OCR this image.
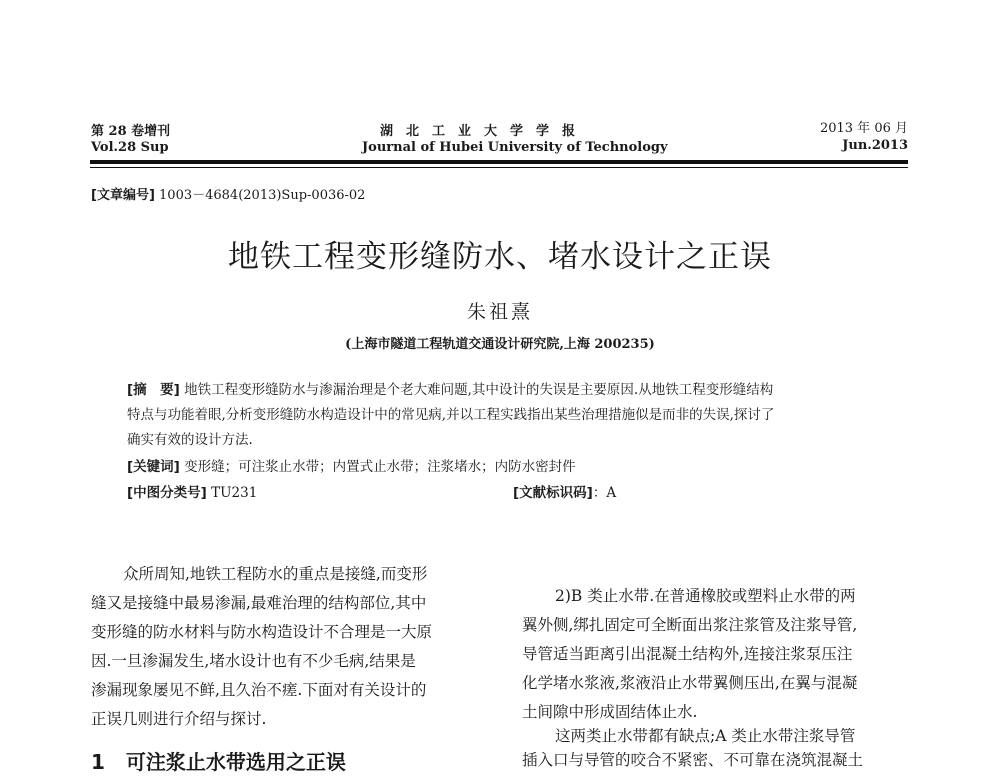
第 28 卷增刊
Vol.28 Sup
湖　北　工　业　大　学　学　报
Journal of Hubei University of Technology
2013 年 06 月
Jun.2013
[文章编号] 1003－4684(2013)Sup-0036-02
地铁工程变形缝防水、堵水设计之正误
朱祖熹
(上海市隧道工程轨道交通设计研究院,上海 200235)
[摘　要] 地铁工程变形缝防水与渗漏治理是个老大难问题,其中设计的失误是主要原因.从地铁工程变形缝结构
特点与功能着眼,分析变形缝防水构造设计中的常见病,并以工程实践指出某些治理措施似是而非的失误,探讨了
确实有效的设计方法.
[关键词] 变形缝；可注浆止水带；内置式止水带；注浆堵水；内防水密封件
[中图分类号] TU231	[文献标识码]：A
众所周知,地铁工程防水的重点是接缝,而变形
缝又是接缝中最易渗漏,最难治理的结构部位,其中
变形缝的防水材料与防水构造设计不合理是一大原
因.一旦渗漏发生,堵水设计也有不少毛病,结果是
渗漏现象屡见不鲜,且久治不瘥.下面对有关设计的
正误几则进行介绍与探讨.
1 可注浆止水带选用之正误
2)B 类止水带.在普通橡胶或塑料止水带的两
翼外侧,绑扎固定可全断面出浆注浆管及注浆导管,
导管适当距离引出混凝土结构外,连接注浆泵压注
化学堵水浆液,浆液沿止水带翼侧压出,在翼与混凝
土间隙中形成固结体止水.
这两类止水带都有缺点;A 类止水带注浆导管
插入口与导管的咬合不紧密、不可靠在浇筑混凝土
